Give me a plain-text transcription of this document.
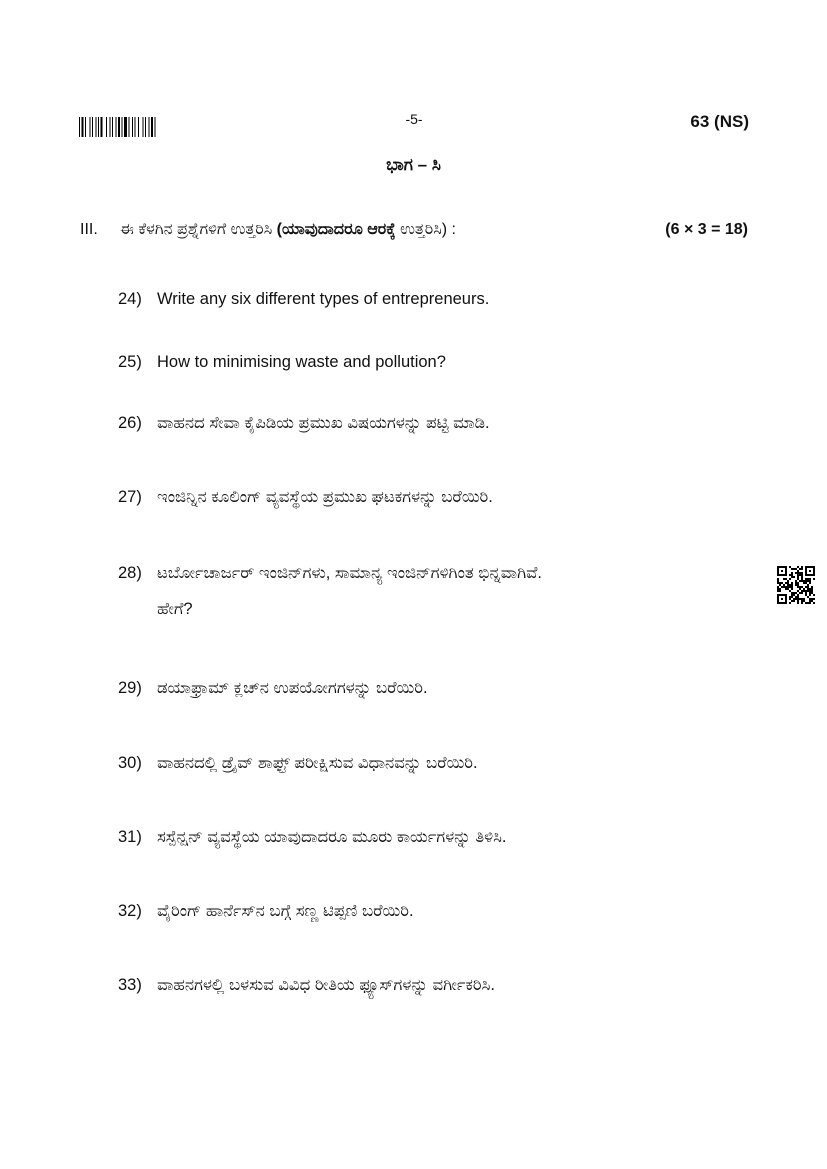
-5-	63 (NS)
ಭಾಗ – ಸಿ
III. ಈ ಕೆಳಗಿನ ಪ್ರಶ್ನೆಗಳಿಗೆ ಉತ್ತರಿಸಿ (ಯಾವುದಾದರೂ ಆರಕ್ಕೆ ಉತ್ತರಿಸಿ) :	(6 × 3 = 18)
24) Write any six different types of entrepreneurs.
25) How to minimising waste and pollution?
26) ವಾಹನದ ಸೇವಾ ಕೈಪಿಡಿಯ ಪ್ರಮುಖ ವಿಷಯಗಳನ್ನು ಪಟ್ಟಿ ಮಾಡಿ.
27) ಇಂಜಿನ್ನಿನ ಕೂಲಿಂಗ್ ವ್ಯವಸ್ಥೆಯ ಪ್ರಮುಖ ಘಟಕಗಳನ್ನು ಬರೆಯಿರಿ.
28) ಟರ್ಬೋಚಾರ್ಜರ್ ಇಂಜಿನ್‌ಗಳು, ಸಾಮಾನ್ಯ ಇಂಜಿನ್‌ಗಳಿಗಿಂತ ಭಿನ್ನವಾಗಿವೆ.
ಹೇಗೆ?
29) ಡಯಾಫ್ರಾಮ್ ಕ್ಲಚ್‌ನ ಉಪಯೋಗಗಳನ್ನು ಬರೆಯಿರಿ.
30) ವಾಹನದಲ್ಲಿ ಡ್ರೈವ್ ಶಾಫ್ಟ್ ಪರೀಕ್ಷಿಸುವ ವಿಧಾನವನ್ನು ಬರೆಯಿರಿ.
31) ಸಸ್ಪೆನ್ಷನ್ ವ್ಯವಸ್ಥೆಯ ಯಾವುದಾದರೂ ಮೂರು ಕಾರ್ಯಗಳನ್ನು ತಿಳಿಸಿ.
32) ವೈರಿಂಗ್ ಹಾರ್ನೆಸ್‌ನ ಬಗ್ಗೆ ಸಣ್ಣ ಟಿಪ್ಪಣಿ ಬರೆಯಿರಿ.
33) ವಾಹನಗಳಲ್ಲಿ ಬಳಸುವ ವಿವಿಧ ರೀತಿಯ ಫ್ಯೂಸ್‌ಗಳನ್ನು ವರ್ಗೀಕರಿಸಿ.
